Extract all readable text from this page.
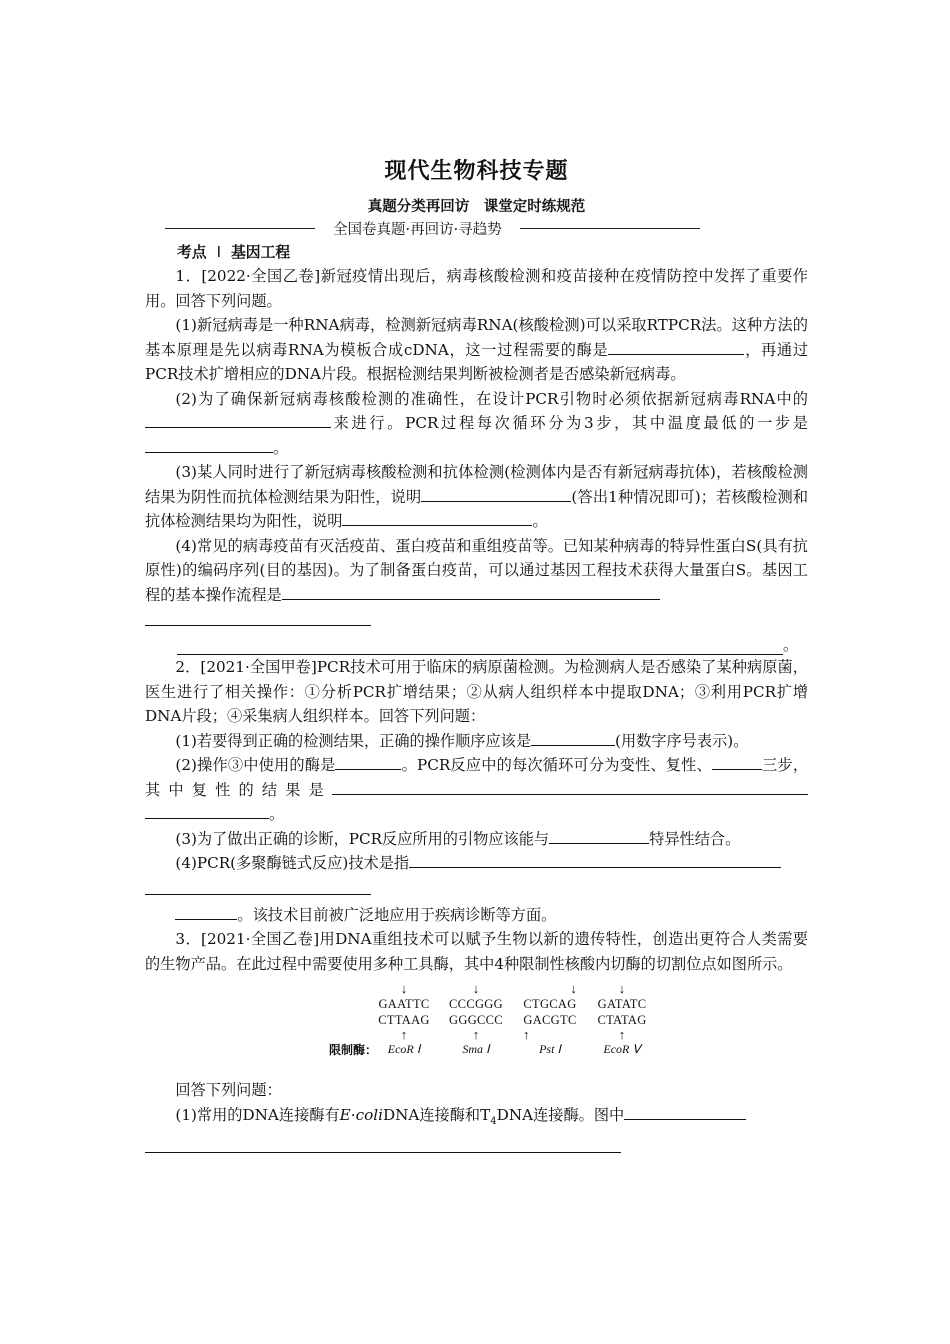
现代生物科技专题
真题分类再回访　课堂定时练规范
全国卷真题·再回访·寻趋势
考点 Ⅰ 基因工程

1．[2022·全国乙卷]新冠疫情出现后，病毒核酸检测和疫苗接种在疫情防控中发挥了重要作用。回答下列问题。

(1)新冠病毒是一种RNA病毒，检测新冠病毒RNA(核酸检测)可以采取RTPCR法。这种方法的基本原理是先以病毒RNA为模板合成cDNA，这一过程需要的酶是	，再通过PCR技术扩增相应的DNA片段。根据检测结果判断被检测者是否感染新冠病毒。

(2)为了确保新冠病毒核酸检测的准确性，在设计PCR引物时必须依据新冠病毒RNA中的来进行。PCR过程每次循环分为3步，其中温度最低的一步是。

(3)某人同时进行了新冠病毒核酸检测和抗体检测(检测体内是否有新冠病毒抗体)，若核酸检测结果为阴性而抗体检测结果为阳性，说明	(答出1种情况即可)；若核酸检测和抗体检测结果均为阳性，说明	。

(4)常见的病毒疫苗有灭活疫苗、蛋白疫苗和重组疫苗等。已知某种病毒的特异性蛋白S(具有抗原性)的编码序列(目的基因)。为了制备蛋白疫苗，可以通过基因工程技术获得大量蛋白S。基因工程的基本操作流程是

。

2．[2021·全国甲卷]PCR技术可用于临床的病原菌检测。为检测病人是否感染了某种病原菌，医生进行了相关操作：①分析PCR扩增结果；②从病人组织样本中提取DNA；③利用PCR扩增DNA片段；④采集病人组织样本。回答下列问题：

(1)若要得到正确的检测结果，正确的操作顺序应该是	(用数字序号表示)。

(2)操作③中使用的酶是	。PCR反应中的每次循环可分为变性、复性、	三步，其中复性的结果是。

(3)为了做出正确的诊断，PCR反应所用的引物应该能与	特异性结合。

(4)PCR(多聚酶链式反应)技术是指

。该技术目前被广泛地应用于疾病诊断等方面。

3．[2021·全国乙卷]用DNA重组技术可以赋予生物以新的遗传特性，创造出更符合人类需要的生物产品。在此过程中需要使用多种工具酶，其中4种限制性核酸内切酶的切割位点如图所示。

限制酶：
↓
GAATTC
CTTAAG
↑
EcoR Ⅰ
↓
CCCGGG
GGGCCC
↑
Sma Ⅰ
↓
CTGCAG
GACGTC
↑
Pst Ⅰ
↓
GATATC
CTATAG
↑
EcoR Ⅴ

回答下列问题：

(1)常用的DNA连接酶有E·coliDNA连接酶和$T_4DNA$连接酶。图中
